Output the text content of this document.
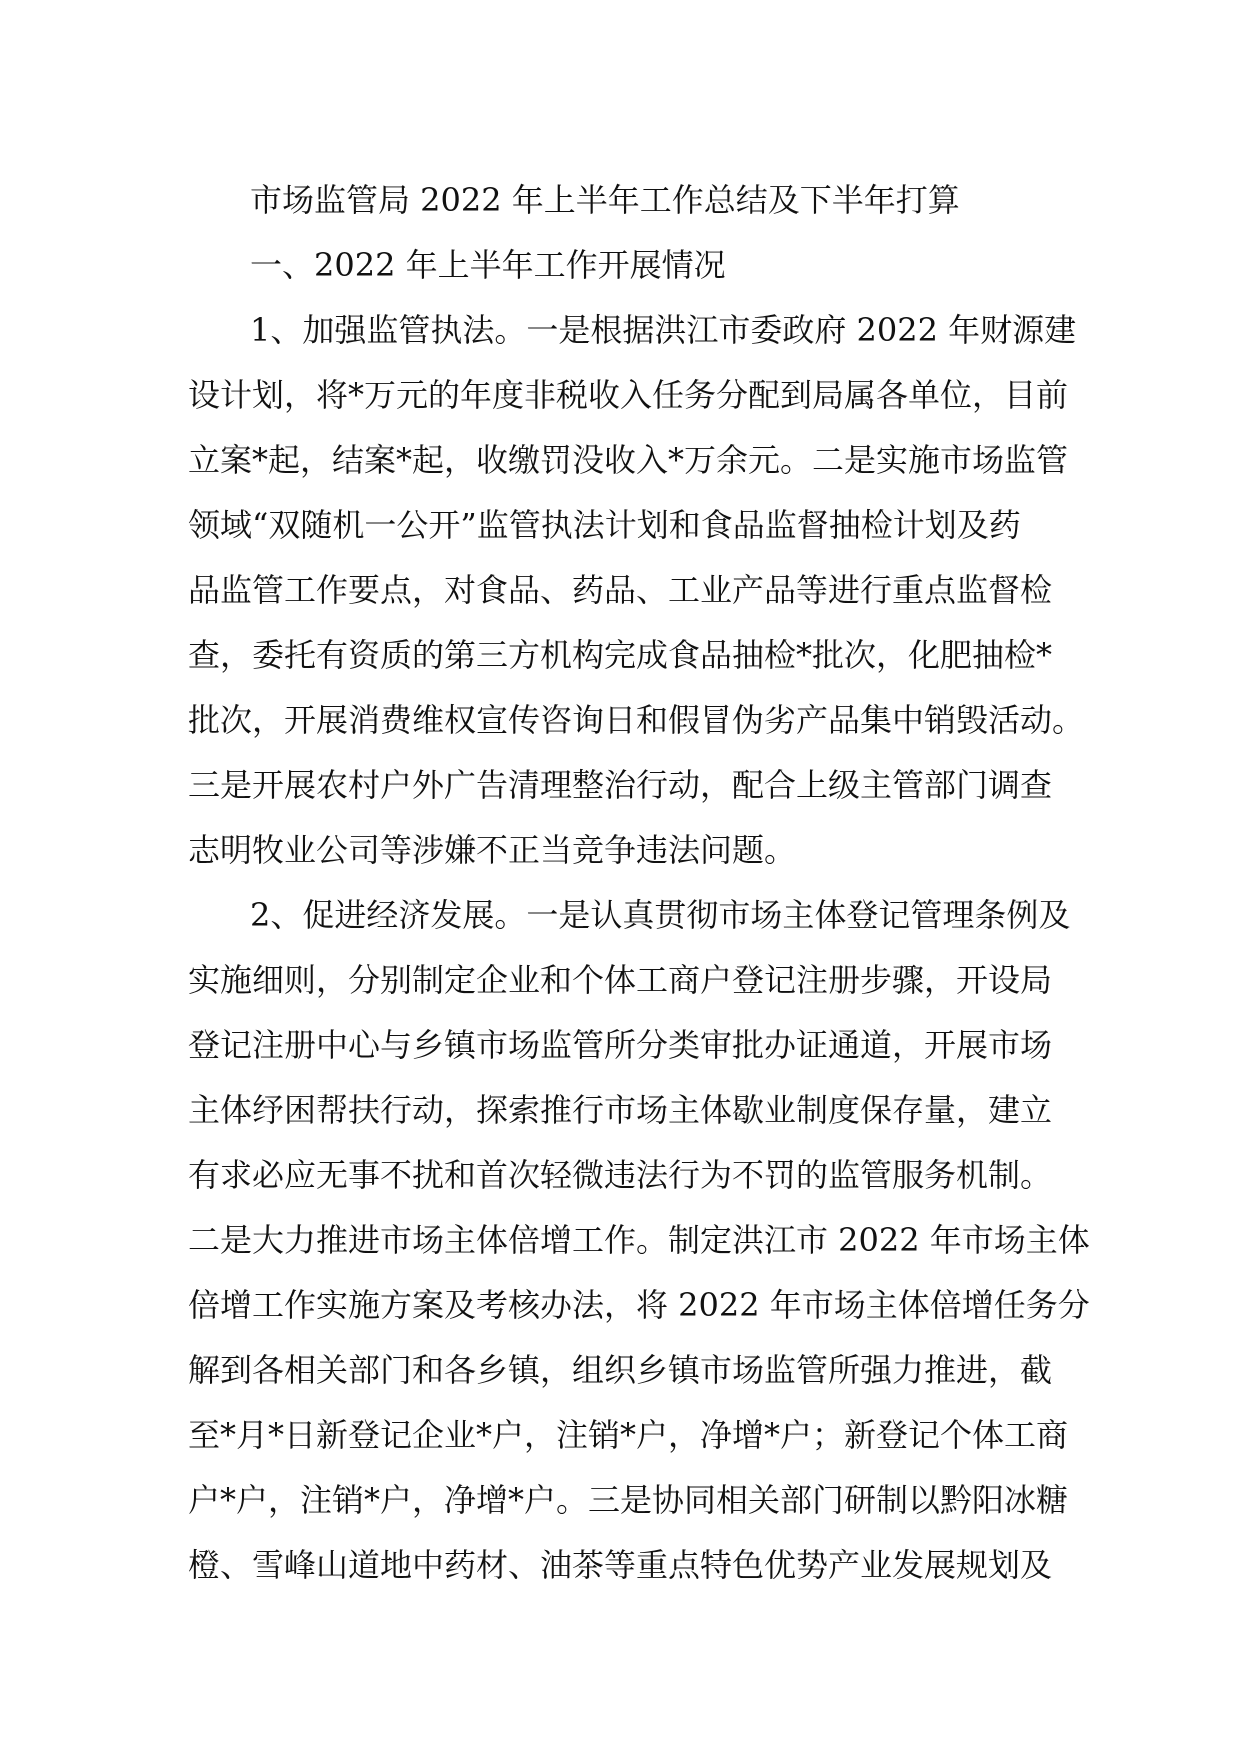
市场监管局 2022 年上半年工作总结及下半年打算
一、2022 年上半年工作开展情况
1、加强监管执法。一是根据洪江市委政府 2022 年财源建
设计划，将*万元的年度非税收入任务分配到局属各单位，目前
立案*起，结案*起，收缴罚没收入*万余元。二是实施市场监管
领域“双随机一公开”监管执法计划和食品监督抽检计划及药
品监管工作要点，对食品、药品、工业产品等进行重点监督检
查，委托有资质的第三方机构完成食品抽检*批次，化肥抽检*
批次，开展消费维权宣传咨询日和假冒伪劣产品集中销毁活动。
三是开展农村户外广告清理整治行动，配合上级主管部门调查
志明牧业公司等涉嫌不正当竞争违法问题。
2、促进经济发展。一是认真贯彻市场主体登记管理条例及
实施细则，分别制定企业和个体工商户登记注册步骤，开设局
登记注册中心与乡镇市场监管所分类审批办证通道，开展市场
主体纾困帮扶行动，探索推行市场主体歇业制度保存量，建立
有求必应无事不扰和首次轻微违法行为不罚的监管服务机制。
二是大力推进市场主体倍增工作。制定洪江市 2022 年市场主体
倍增工作实施方案及考核办法，将 2022 年市场主体倍增任务分
解到各相关部门和各乡镇，组织乡镇市场监管所强力推进，截
至*月*日新登记企业*户，注销*户，净增*户；新登记个体工商
户*户，注销*户，净增*户。三是协同相关部门研制以黔阳冰糖
橙、雪峰山道地中药材、油茶等重点特色优势产业发展规划及
